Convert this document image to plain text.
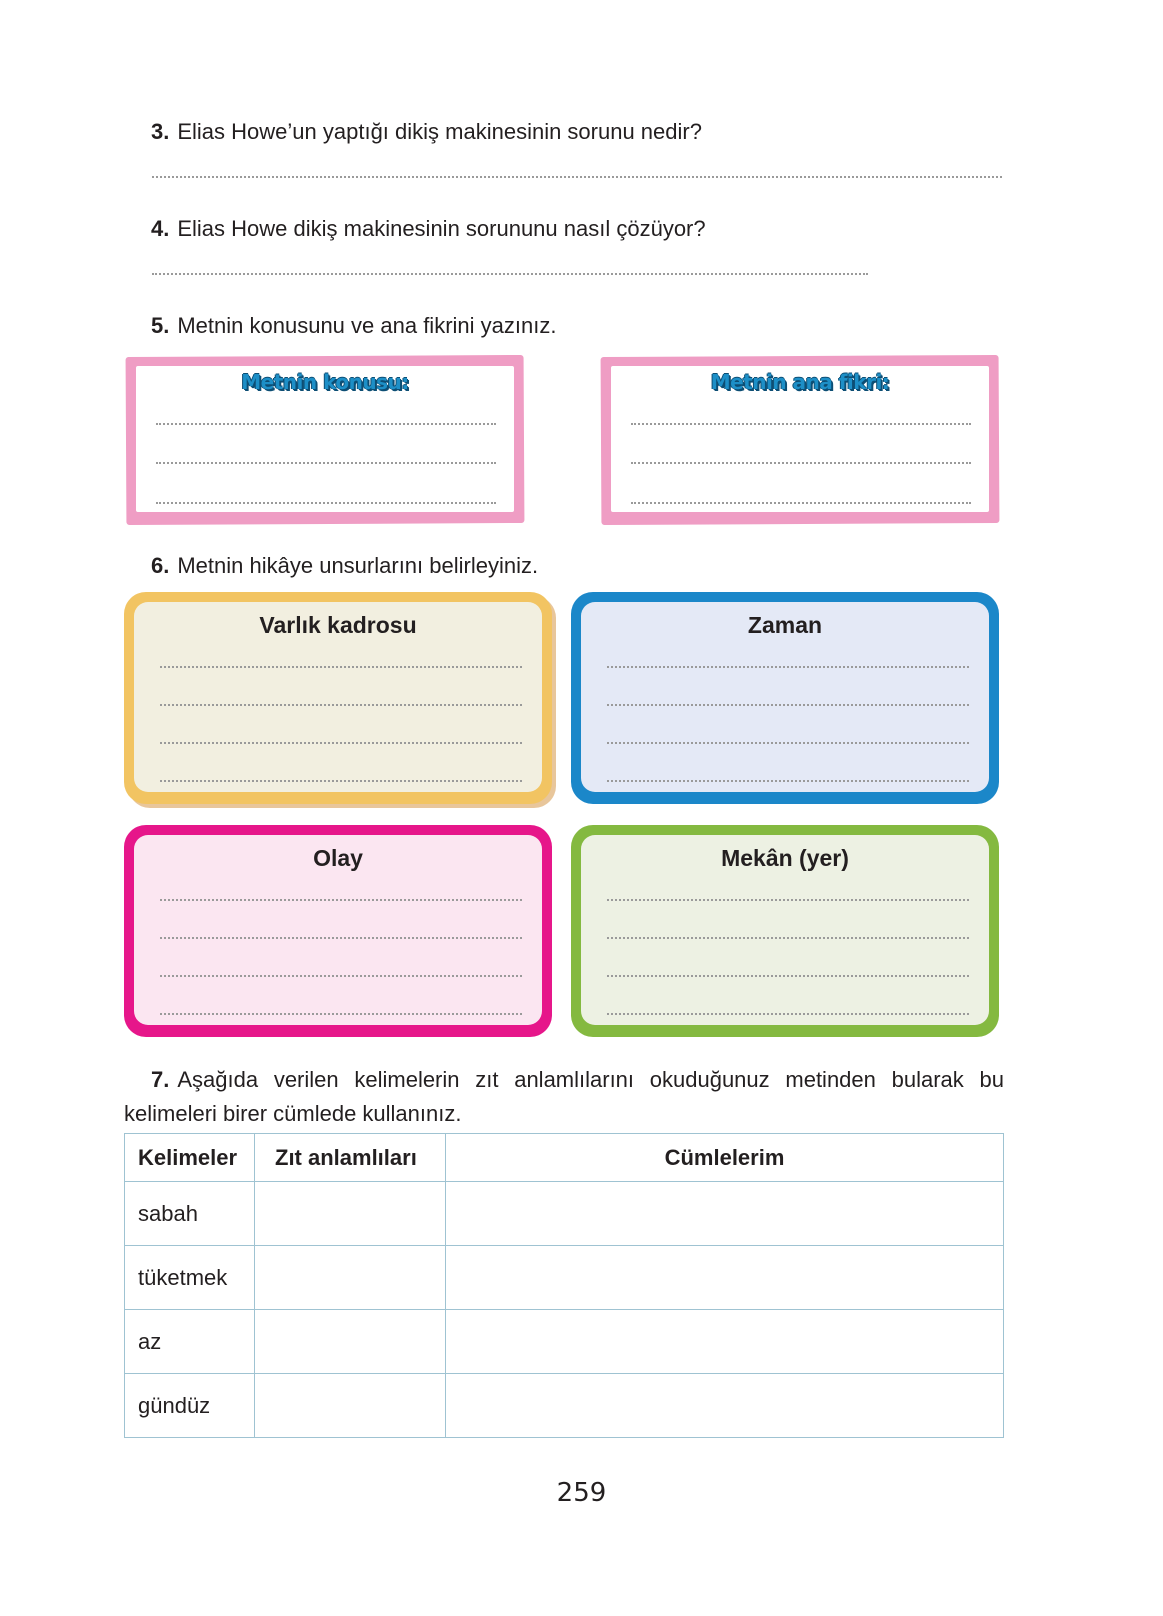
3. Elias Howe’un yaptığı dikiş makinesinin sorunu nedir?
4. Elias Howe dikiş makinesinin sorununu nasıl çözüyor?
5. Metnin konusunu ve ana fikrini yazınız.
Metnin konusu:	Metnin ana fikri:
6. Metnin hikâye unsurlarını belirleyiniz.
Varlık kadrosu	Zaman
Olay	Mekân (yer)
7. Aşağıda verilen kelimelerin zıt anlamlılarını okuduğunuz metinden bularak bu
kelimeleri birer cümlede kullanınız.
Kelimeler	Zıt anlamlıları	Cümlelerim
sabah		
tüketmek		
az		
gündüz		
259
